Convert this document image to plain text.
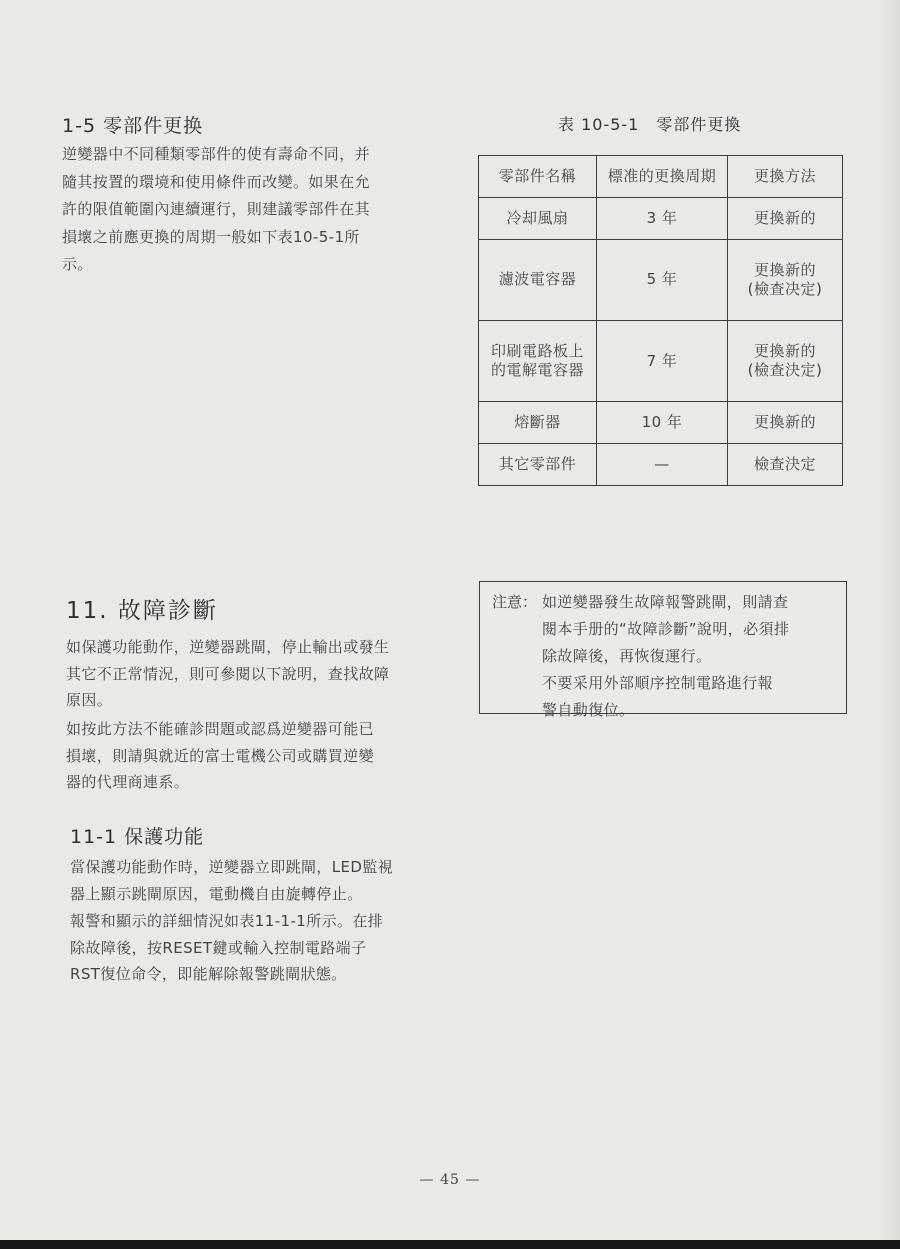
1-5 零部件更换

逆變器中不同種類零部件的使有壽命不同，并

隨其按置的環境和使用條件而改變。如果在允

許的限值範圍內連續運行，則建議零部件在其

損壞之前應更換的周期一般如下表10-5-1所

示。

表 10-5-1　零部件更換
零部件名稱	標准的更換周期	更換方法
冷却風扇	3 年	更換新的
濾波電容器	5 年	更換新的
(檢查决定)
印刷電路板上
的電解電容器	7 年	更換新的
(檢查決定)
熔斷器	10 年	更換新的
其它零部件	—	檢查決定
11. 故障診斷

如保護功能動作，逆變器跳閘，停止輸出或發生

其它不正常情況，則可參閱以下說明，查找故障

原因。

如按此方法不能確診問題或認爲逆變器可能已

損壞，則請與就近的富士電機公司或購買逆變

器的代理商連系。

11-1 保護功能

當保護功能動作時，逆變器立即跳閘，LED監視

器上顯示跳閘原因，電動機自由旋轉停止。

報警和顯示的詳細情況如表11-1-1所示。在排

除故障後，按RESET鍵或輸入控制電路端子

RST復位命令，即能解除報警跳閘狀態。

注意： 如逆變器發生故障報警跳閘，則請查

閱本手册的“故障診斷”說明，必須排

除故障後，再恢復運行。

不要采用外部順序控制電路進行報

警自動復位。

— 45 —
